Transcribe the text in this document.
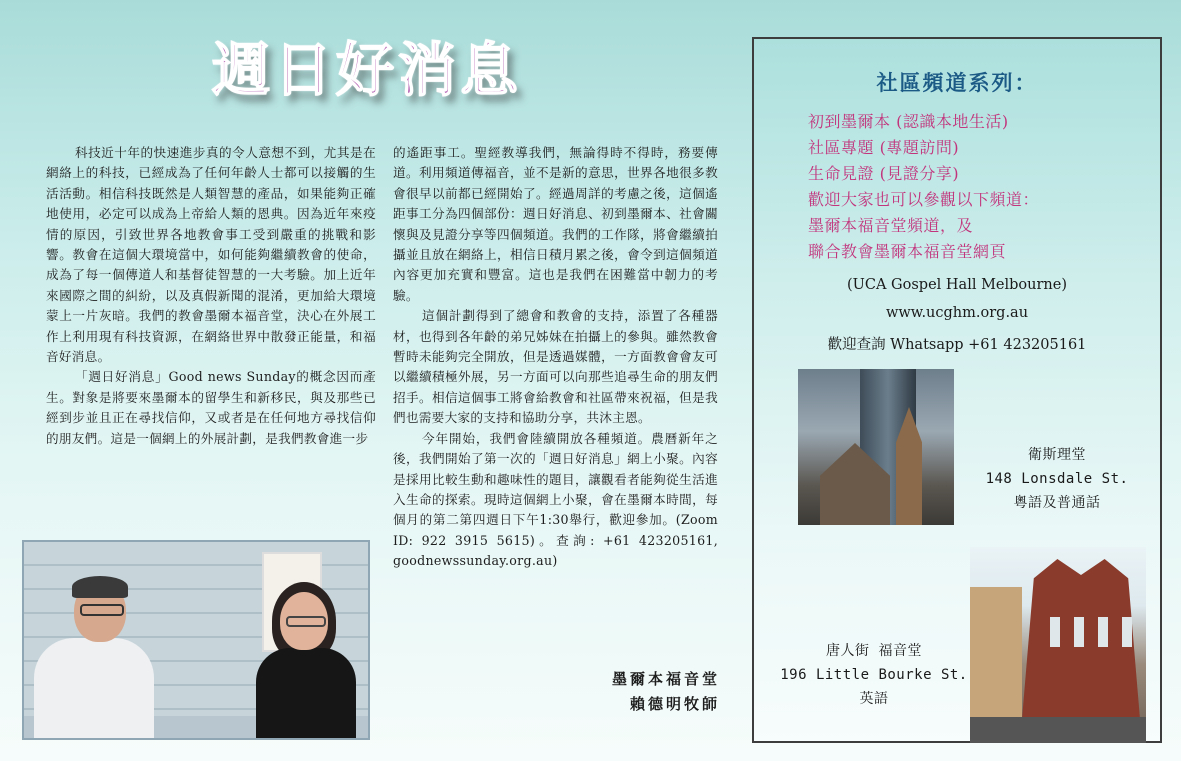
週日好消息

科技近十年的快速進步真的令人意想不到，尤其是在網絡上的科技，已經成為了任何年齡人士都可以接觸的生活活動。相信科技既然是人類智慧的產品，如果能夠正確地使用，必定可以成為上帝給人類的恩典。因為近年來疫情的原因，引致世界各地教會事工受到嚴重的挑戰和影響。教會在這個大環境當中，如何能夠繼續教會的使命，成為了每一個傳道人和基督徒智慧的一大考驗。加上近年來國際之間的糾紛，以及真假新聞的混淆，更加給大環境蒙上一片灰暗。我們的教會墨爾本福音堂，決心在外展工作上利用現有科技資源，在網絡世界中散發正能量，和福音好消息。

「週日好消息」Good news Sunday的概念因而產生。對象是將要來墨爾本的留學生和新移民，與及那些已經到步並且正在尋找信仰，又或者是在任何地方尋找信仰的朋友們。這是一個網上的外展計劃，是我們教會進一步

的遙距事工。聖經教導我們，無論得時不得時，務要傳道。利用頻道傳福音，並不是新的意思，世界各地很多教會很早以前都已經開始了。經過周詳的考慮之後，這個遙距事工分為四個部份：週日好消息、初到墨爾本、社會關懷與及見證分享等四個頻道。我們的工作隊，將會繼續拍攝並且放在網絡上，相信日積月累之後，會令到這個頻道內容更加充實和豐富。這也是我們在困難當中韌力的考驗。

這個計劃得到了總會和教會的支持，添置了各種器材，也得到各年齡的弟兄姊妹在拍攝上的參與。雖然教會暫時未能夠完全開放，但是透過媒體，一方面教會會友可以繼續積極外展，另一方面可以向那些追尋生命的朋友們招手。相信這個事工將會給教會和社區帶來祝福，但是我們也需要大家的支持和協助分享，共沐主恩。

今年開始，我們會陸續開放各種頻道。農曆新年之後，我們開始了第一次的「週日好消息」網上小聚。內容是採用比較生動和趣味性的題目，讓觀看者能夠從生活進入生命的探索。現時這個網上小聚，會在墨爾本時間，每個月的第二第四週日下午1:30舉行，歡迎參加。(Zoom ID: 922 3915 5615)。查詢: +61 423205161, goodnewssunday.org.au)

墨爾本福音堂
賴德明牧師
社區頻道系列：
初到墨爾本 (認識本地生活)
社區專題 (專題訪問)
生命見證 (見證分享)
歡迎大家也可以參觀以下頻道：
墨爾本福音堂頻道，及
聯合教會墨爾本福音堂網頁
(UCA Gospel Hall Melbourne)
www.ucghm.org.au
歡迎查詢 Whatsapp +61 423205161
衛斯理堂
148 Lonsdale St.
粵語及普通話
唐人街 福音堂
196 Little Bourke St.
英語
